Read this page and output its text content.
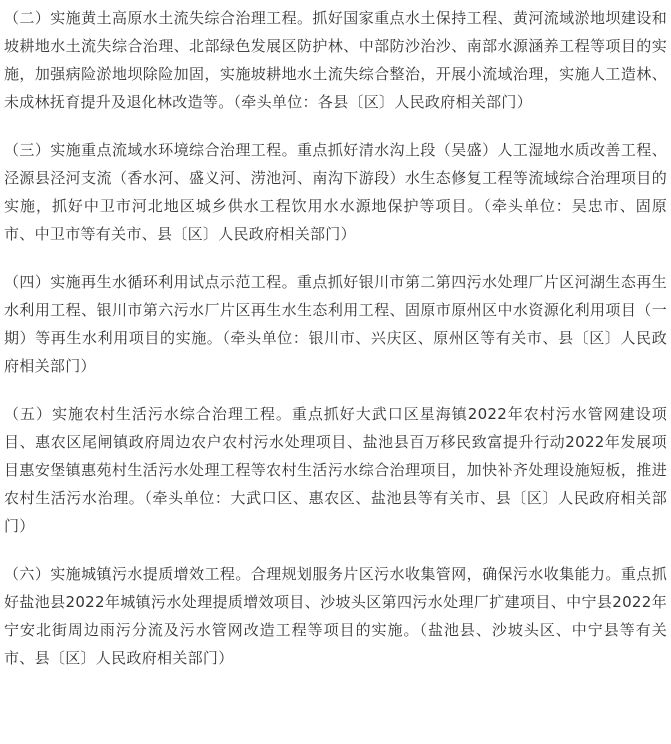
（二）实施黄土高原水土流失综合治理工程。抓好国家重点水土保持工程、黄河流域淤地坝建设和坡耕地水土流失综合治理、北部绿色发展区防护林、中部防沙治沙、南部水源涵养工程等项目的实施，加强病险淤地坝除险加固，实施坡耕地水土流失综合整治，开展小流域治理，实施人工造林、未成林抚育提升及退化林改造等。（牵头单位：各县〔区〕人民政府相关部门）

（三）实施重点流域水环境综合治理工程。重点抓好清水沟上段（吴盛）人工湿地水质改善工程、泾源县泾河支流（香水河、盛义河、涝池河、南沟下游段）水生态修复工程等流域综合治理项目的实施，抓好中卫市河北地区城乡供水工程饮用水水源地保护等项目。（牵头单位：吴忠市、固原市、中卫市等有关市、县〔区〕人民政府相关部门）

（四）实施再生水循环利用试点示范工程。重点抓好银川市第二第四污水处理厂片区河湖生态再生水利用工程、银川市第六污水厂片区再生水生态利用工程、固原市原州区中水资源化利用项目（一期）等再生水利用项目的实施。（牵头单位：银川市、兴庆区、原州区等有关市、县〔区〕人民政府相关部门）

（五）实施农村生活污水综合治理工程。重点抓好大武口区星海镇2022年农村污水管网建设项目、惠农区尾闸镇政府周边农户农村污水处理项目、盐池县百万移民致富提升行动2022年发展项目惠安堡镇惠苑村生活污水处理工程等农村生活污水综合治理项目，加快补齐处理设施短板，推进农村生活污水治理。（牵头单位：大武口区、惠农区、盐池县等有关市、县〔区〕人民政府相关部门）

（六）实施城镇污水提质增效工程。合理规划服务片区污水收集管网，确保污水收集能力。重点抓好盐池县2022年城镇污水处理提质增效项目、沙坡头区第四污水处理厂扩建项目、中宁县2022年宁安北街周边雨污分流及污水管网改造工程等项目的实施。（盐池县、沙坡头区、中宁县等有关市、县〔区〕人民政府相关部门）
